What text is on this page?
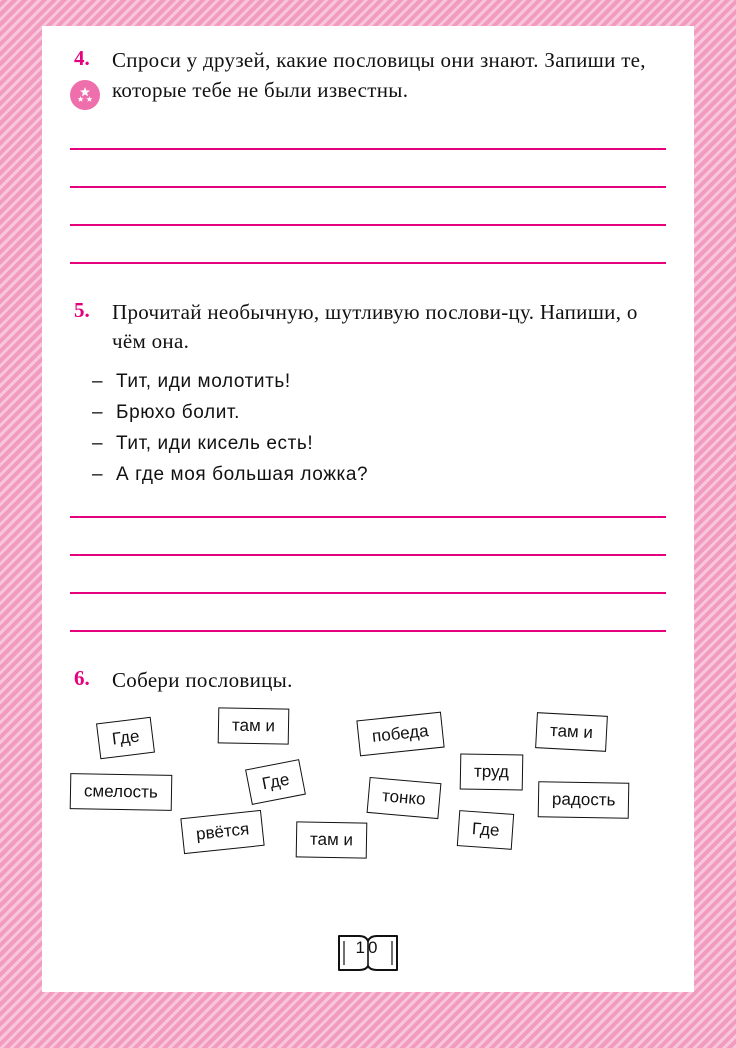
4. Спроси у друзей, какие пословицы они знают. Запиши те, которые тебе не были известны.
5. Прочитай необычную, шутливую послови-цу. Напиши, о чём она.
– Тит, иди молотить!
– Брюхо болит.
– Тит, иди кисель есть!
– А где моя большая ложка?
6. Собери пословицы.
Где
там и	победа	там и
труд
смелость	Где
тонко	радость
рвётся	там и	Где
10
